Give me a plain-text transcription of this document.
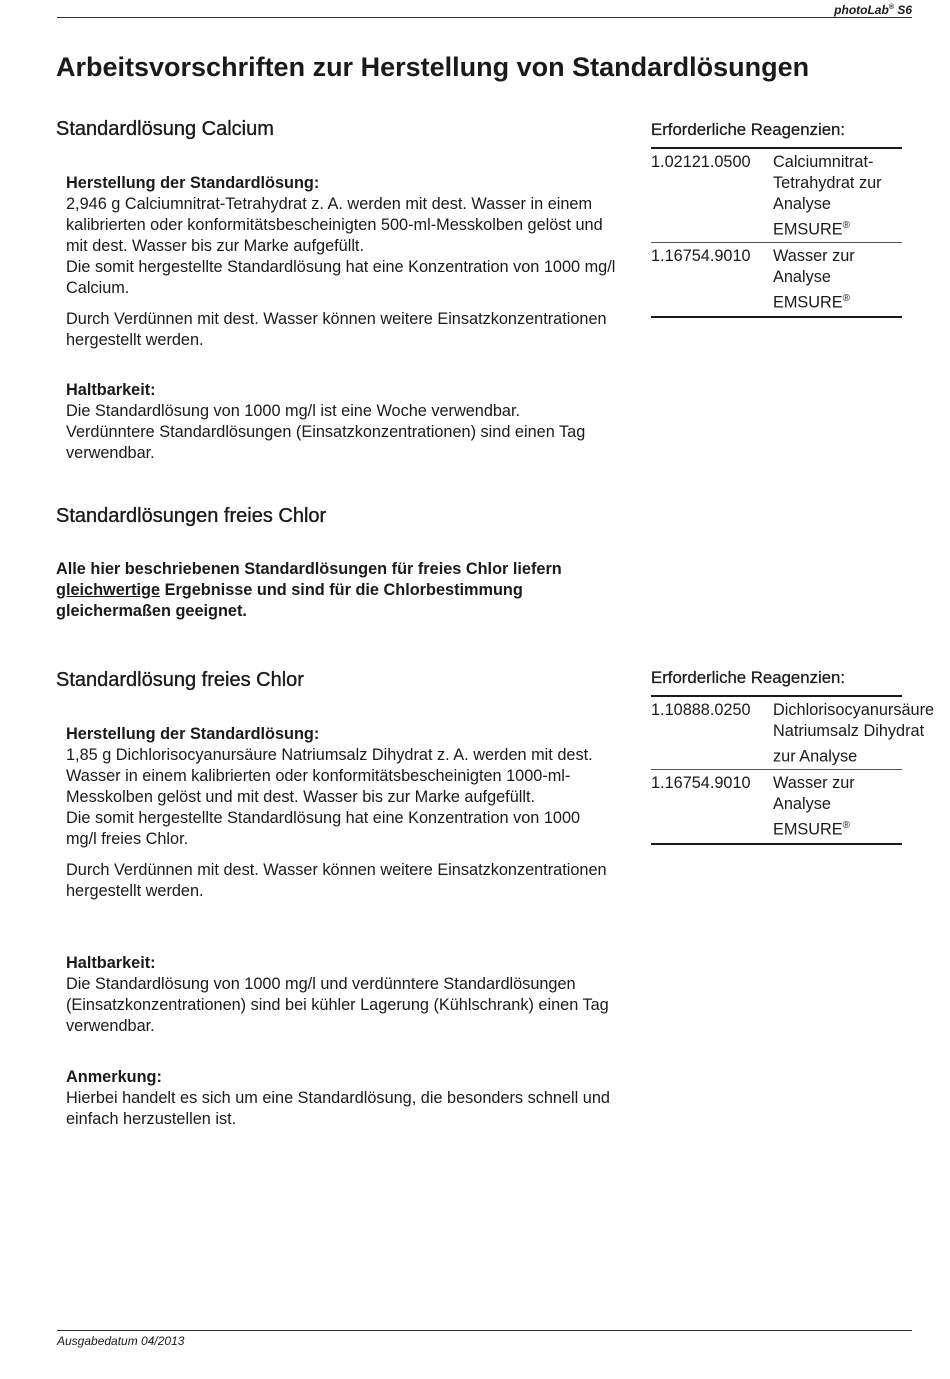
photoLab® S6
Arbeitsvorschriften zur Herstellung von Standardlösungen
Standardlösung Calcium
Herstellung der Standardlösung:
2,946 g Calciumnitrat-Tetrahydrat z. A. werden mit dest. Wasser in einem kalibrierten oder konformitätsbescheinigten 500-ml-Messkolben gelöst und mit dest. Wasser bis zur Marke aufgefüllt.
Die somit hergestellte Standardlösung hat eine Konzentration von 1000 mg/l Calcium.
Durch Verdünnen mit dest. Wasser können weitere Einsatzkonzentrationen hergestellt werden.
Haltbarkeit:
Die Standardlösung von 1000 mg/l ist eine Woche verwendbar. Verdünntere Standardlösungen (Einsatzkonzentrationen) sind einen Tag verwendbar.
Erforderliche Reagenzien:
1.02121.0500	Calciumnitrat-Tetrahydrat zur Analyse EMSURE®
1.16754.9010	Wasser zur Analyse EMSURE®
Standardlösungen freies Chlor
Alle hier beschriebenen Standardlösungen für freies Chlor liefern gleichwertige Ergebnisse und sind für die Chlorbestimmung gleichermaßen geeignet.
Standardlösung freies Chlor
Herstellung der Standardlösung:
1,85 g Dichlorisocyanursäure Natriumsalz Dihydrat z. A. werden mit dest. Wasser in einem kalibrierten oder konformitätsbescheinigten 1000-ml-Messkolben gelöst und mit dest. Wasser bis zur Marke aufgefüllt.
Die somit hergestellte Standardlösung hat eine Konzentration von 1000 mg/l freies Chlor.
Durch Verdünnen mit dest. Wasser können weitere Einsatzkonzentrationen hergestellt werden.
Haltbarkeit:
Die Standardlösung von 1000 mg/l und verdünntere Standardlösungen (Einsatzkonzentrationen) sind bei kühler Lagerung (Kühlschrank) einen Tag verwendbar.
Anmerkung:
Hierbei handelt es sich um eine Standardlösung, die besonders schnell und einfach herzustellen ist.
Erforderliche Reagenzien:
1.10888.0250	Dichlorisocyanursäure Natriumsalz Dihydrat zur Analyse
1.16754.9010	Wasser zur Analyse EMSURE®
Ausgabedatum 04/2013
